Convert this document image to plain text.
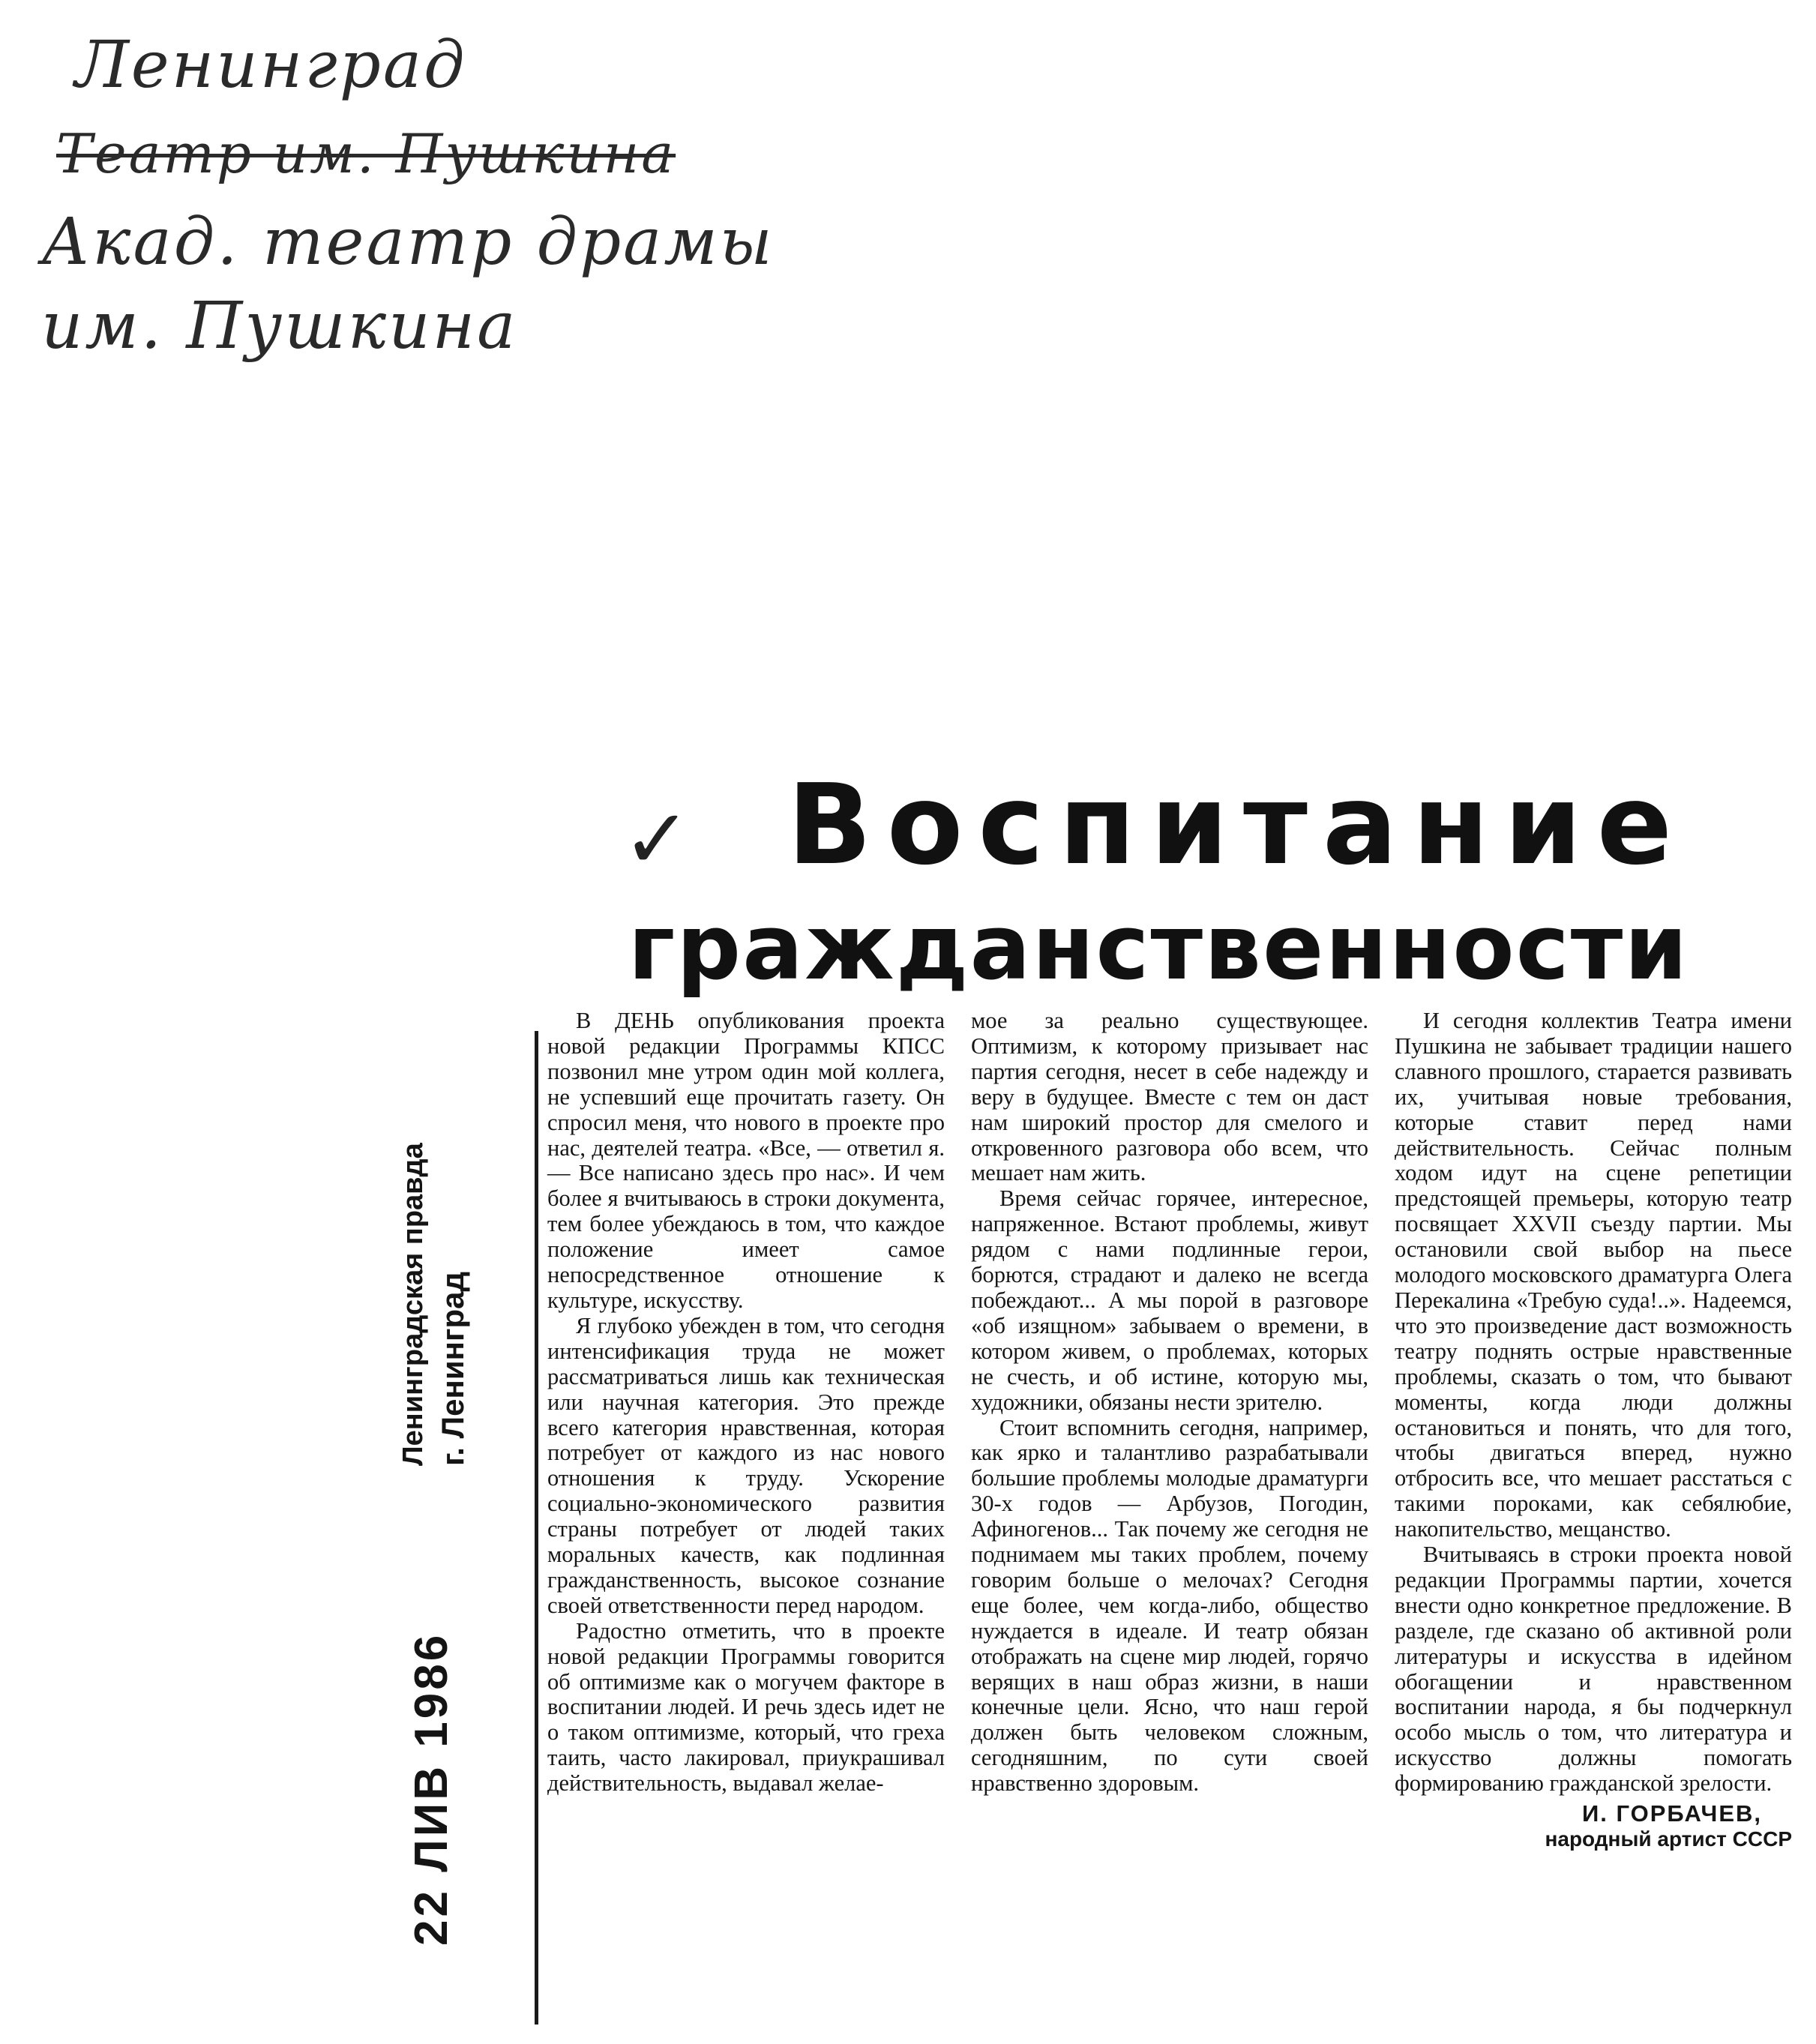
Ленинград
Театр им. Пушкина
Акад. театр драмы
им. Пушкина
✓ Воспитание
гражданственности
22 ЛИВ 1986
Ленинградская правда г. Ленинград

В ДЕНЬ опубликования проекта новой редакции Программы КПСС позвонил мне утром один мой коллега, не успевший еще прочитать газету. Он спросил меня, что нового в проекте про нас, деятелей театра. «Все, — ответил я. — Все написано здесь про нас». И чем более я вчитываюсь в строки документа, тем более убеждаюсь в том, что каждое положение имеет самое непосредственное отношение к культуре, искусству.

Я глубоко убежден в том, что сегодня интенсификация труда не может рассматриваться лишь как техническая или научная категория. Это прежде всего категория нравственная, которая потребует от каждого из нас нового отношения к труду. Ускорение социально-экономического развития страны потребует от людей таких моральных качеств, как подлинная гражданственность, высокое сознание своей ответственности перед народом.

Радостно отметить, что в проекте новой редакции Программы говорится об оптимизме как о могучем факторе в воспитании людей. И речь здесь идет не о таком оптимизме, который, что греха таить, часто лакировал, приукрашивал действительность, выдавал желае-

мое за реально существующее. Оптимизм, к которому призывает нас партия сегодня, несет в себе надежду и веру в будущее. Вместе с тем он даст нам широкий простор для смелого и откровенного разговора обо всем, что мешает нам жить.

Время сейчас горячее, интересное, напряженное. Встают проблемы, живут рядом с нами подлинные герои, борются, страдают и далеко не всегда побеждают... А мы порой в разговоре «об изящном» забываем о времени, в котором живем, о проблемах, которых не счесть, и об истине, которую мы, художники, обязаны нести зрителю.

Стоит вспомнить сегодня, например, как ярко и талантливо разрабатывали большие проблемы молодые драматурги 30-х годов — Арбузов, Погодин, Афиногенов... Так почему же сегодня не поднимаем мы таких проблем, почему говорим больше о мелочах? Сегодня еще более, чем когда-либо, общество нуждается в идеале. И театр обязан отображать на сцене мир людей, горячо верящих в наш образ жизни, в наши конечные цели. Ясно, что наш герой должен быть человеком сложным, сегодняшним, по сути своей нравственно здоровым.

И сегодня коллектив Театра имени Пушкина не забывает традиции нашего славного прошлого, старается развивать их, учитывая новые требования, которые ставит перед нами действительность. Сейчас полным ходом идут на сцене репетиции предстоящей премьеры, которую театр посвящает XXVII съезду партии. Мы остановили свой выбор на пьесе молодого московского драматурга Олега Перекалина «Требую суда!..». Надеемся, что это произведение даст возможность театру поднять острые нравственные проблемы, сказать о том, что бывают моменты, когда люди должны остановиться и понять, что для того, чтобы двигаться вперед, нужно отбросить все, что мешает расстаться с такими пороками, как себялюбие, накопительство, мещанство.

Вчитываясь в строки проекта новой редакции Программы партии, хочется внести одно конкретное предложение. В разделе, где сказано об активной роли литературы и искусства в идейном обогащении и нравственном воспитании народа, я бы подчеркнул особо мысль о том, что литература и искусство должны помогать формированию гражданской зрелости.

И. ГОРБАЧЕВ,
народный артист СССР
